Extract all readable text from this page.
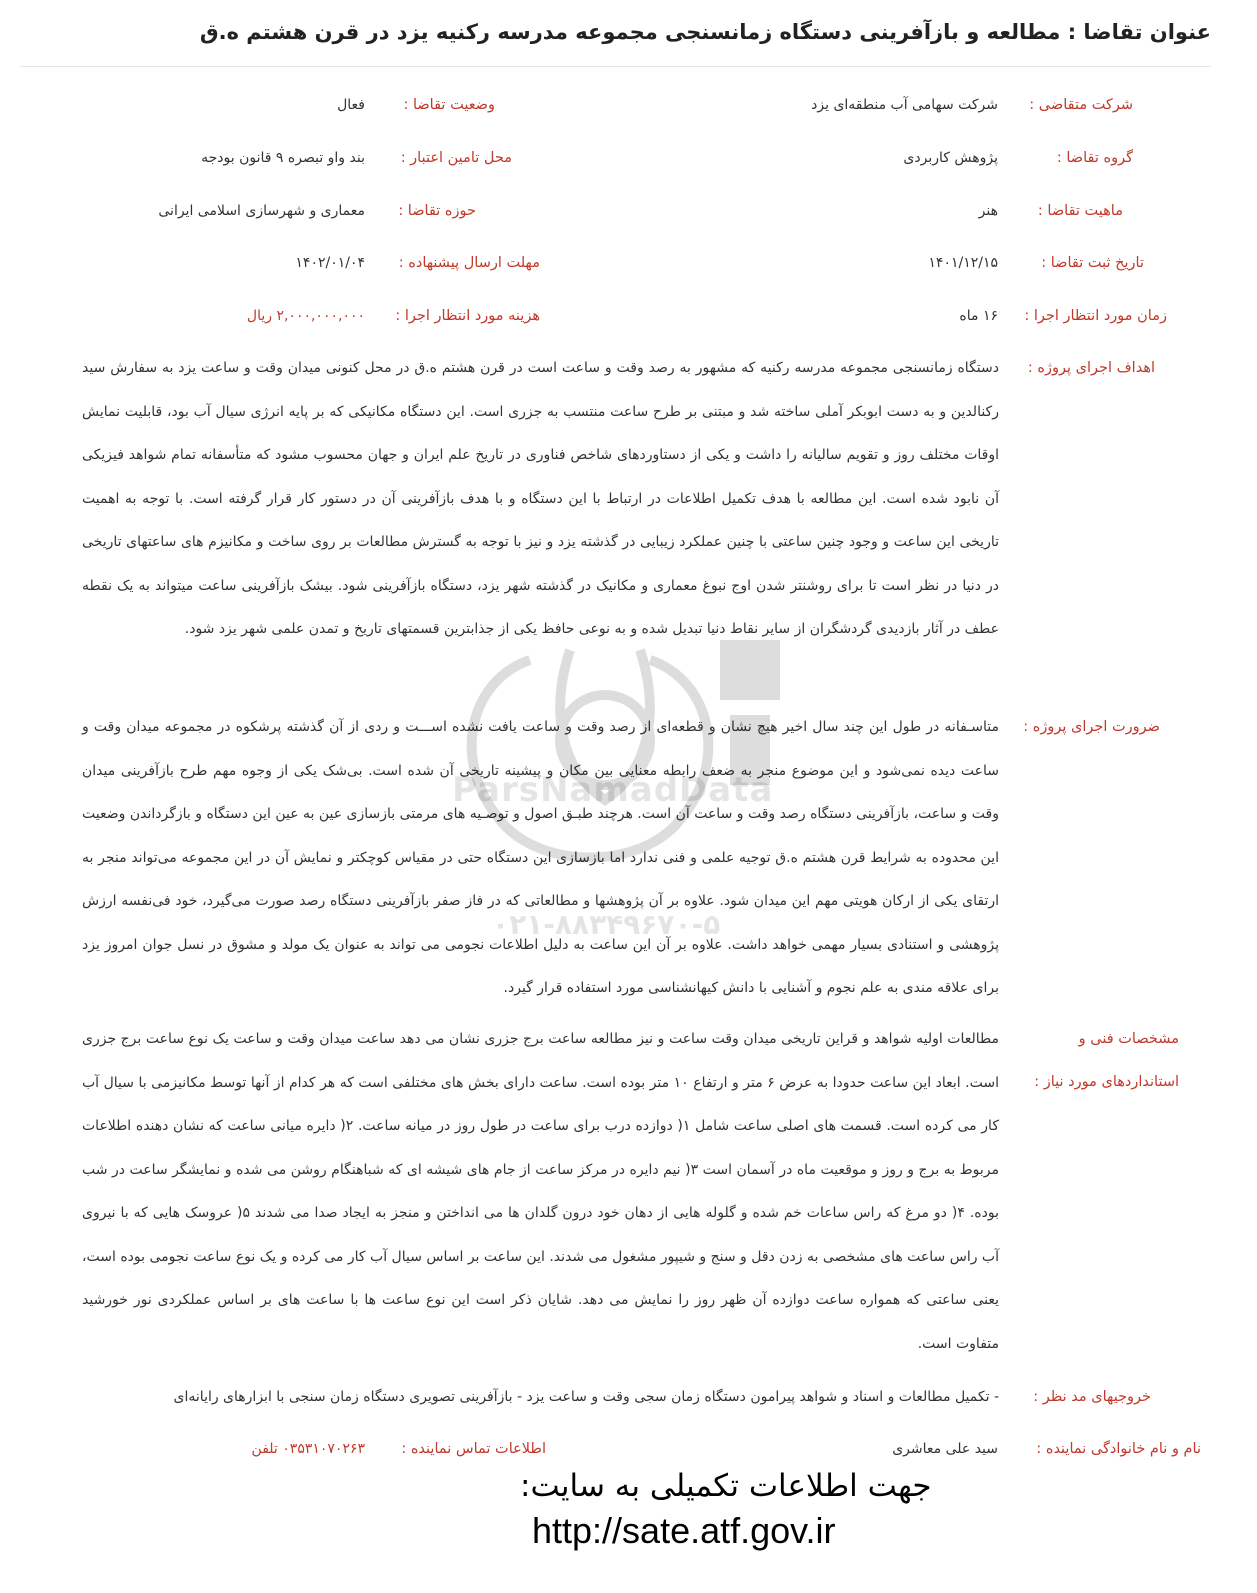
عنوان تقاضا : مطالعه و بازآفرینی دستگاه زمانسنجی مجموعه مدرسه رکنیه یزد در قرن هشتم ه.ق
شرکت متقاضی :
شرکت سهامی آب منطقه‌ای یزد
وضعیت تقاضا :
فعال
گروه تقاضا :
پژوهش کاربردی
محل تامین اعتبار :
بند واو تبصره ۹ قانون بودجه
ماهیت تقاضا :
هنر
حوزه تقاضا :
معماری و شهرسازی اسلامی ایرانی
تاریخ ثبت تقاضا :
۱۴۰۱/۱۲/۱۵
مهلت ارسال پیشنهاده :
۱۴۰۲/۰۱/۰۴
زمان مورد انتظار اجرا :
۱۶ ماه
هزینه مورد انتظار اجرا :
۲,۰۰۰,۰۰۰,۰۰۰ ریال
اهداف اجرای پروژه :
دستگاه زمانسنجی مجموعه مدرسه رکنیه که مشهور به رصد وقت و ساعت است در قرن هشتم ه.ق در محل کنونی میدان وقت و ساعت یزد به سفارش سید رکنالدین و به دست ابوبکر آملی ساخته شد و مبتنی بر طرح ساعت منتسب به جزری است. این دستگاه مکانیکی که بر پایه انرژی سیال آب بود، قابلیت نمایش اوقات مختلف روز و تقویم سالیانه را داشت و یکی از دستاوردهای شاخص فناوری در تاریخ علم ایران و جهان محسوب مشود که متأسفانه تمام شواهد فیزیکی آن نابود شده است. این مطالعه با هدف تکمیل اطلاعات در ارتباط با این دستگاه و با هدف بازآفرینی آن در دستور کار قرار گرفته است. با توجه به اهمیت تاریخی این ساعت و وجود چنین ساعتی با چنین عملکرد زیبایی در گذشته یزد و نیز با توجه به گسترش مطالعات بر روی ساخت و مکانیزم های ساعتهای تاریخی در دنیا در نظر است تا برای روشنتر شدن اوج نبوغ معماری و مکانیک در گذشته شهر یزد، دستگاه بازآفرینی شود. بیشک بازآفرینی ساعت میتواند به یک نقطه عطف در آثار بازدیدی گردشگران از سایر نقاط دنیا تبدیل شده و به نوعی حافظ یکی از جذابترین قسمتهای تاریخ و تمدن علمی شهر یزد شود.
ضرورت اجرای پروژه :
متاسـفانه در طول این چند سال اخیر هیچ نشان و قطعه‌ای از رصد وقت و ساعت یافت نشده اســـت و ردی از آن گذشته پرشکوه در مجموعه میدان وقت و ساعت دیده نمی‌شود و این موضوع منجر به ضعف رابطه معنایی بین مکان و پیشینه تاریخی آن شده است. بی‌شک یکی از وجوه مهم طرح بازآفرینی میدان وقت و ساعت، بازآفرینی دستگاه رصد وقت و ساعت آن است. هرچند طبـق اصول و توصـیه های مرمتی بازسازی عین به عین این دستگاه و بازگرداندن وضعیت این محدوده به شرایط قرن هشتم ه.ق توجیه علمی و فنی ندارد اما بازسازی این دستگاه حتی در مقیاس کوچکتر و نمایش آن در این مجموعه می‌تواند منجر به ارتقای یکی از ارکان هویتی مهم این میدان شود. علاوه بر آن پژوهشها و مطالعاتی که در فاز صفر بازآفرینی دستگاه رصد صورت می‌گیرد، خود فی‌نفسه ارزش پژوهشی و استنادی بسیار مهمی خواهد داشت. علاوه بر آن این ساعت به دلیل اطلاعات نجومی می تواند به عنوان یک مولد و مشوق در نسل جوان امروز یزد برای علاقه مندی به علم نجوم و آشنایی با دانش کیهانشناسی مورد استفاده قرار گیرد.
مشخصات فنی و استانداردهای مورد نیاز :
مطالعات اولیه شواهد و قراین تاریخی میدان وقت ساعت و نیز مطالعه ساعت برج جزری نشان می دهد ساعت میدان وقت و ساعت یک نوع ساعت برج جزری است. ابعاد این ساعت حدودا به عرض ۶ متر و ارتفاع ۱۰ متر بوده است. ساعت دارای بخش های مختلفی است که هر کدام از آنها توسط مکانیزمی با سیال آب کار می کرده است. قسمت های اصلی ساعت شامل ۱( دوازده درب برای ساعت در طول روز در میانه ساعت. ۲( دایره میانی ساعت که نشان دهنده اطلاعات مربوط به برج و روز و موقعیت ماه در آسمان است ۳( نیم دایره در مرکز ساعت از جام های شیشه ای که شباهنگام روشن می شده و نمایشگر ساعت در شب بوده. ۴( دو مرغ که راس ساعات خم شده و گلوله هایی از دهان خود درون گلدان ها می انداختن و منجز به ایجاد صدا می شدند ۵( عروسک هایی که با نیروی آب راس ساعت های مشخصی به زدن دقل و سنج و شیپور مشغول می شدند. این ساعت بر اساس سیال آب کار می کرده و یک نوع ساعت نجومی بوده است، یعنی ساعتی که همواره ساعت دوازده آن ظهر روز را نمایش می دهد. شایان ذکر است این نوع ساعت ها با ساعت های بر اساس عملکردی نور خورشید متفاوت است.
خروجیهای مد نظر :
- تکمیل مطالعات و اسناد و شواهد پیرامون دستگاه زمان سجی وقت و ساعت یزد - بازآفرینی تصویری دستگاه زمان سنجی با ابزارهای رایانه‌ای
نام و نام خانوادگی نماینده :
سید علی معاشری
اطلاعات تماس نماینده :
۰۳۵۳۱۰۷۰۲۶۳ تلفن
ParsNamadData
۰۲۱-۸۸۳۴۹۶۷۰-۵
جهت اطلاعات تکمیلی به سایت:
http://sate.atf.gov.ir
